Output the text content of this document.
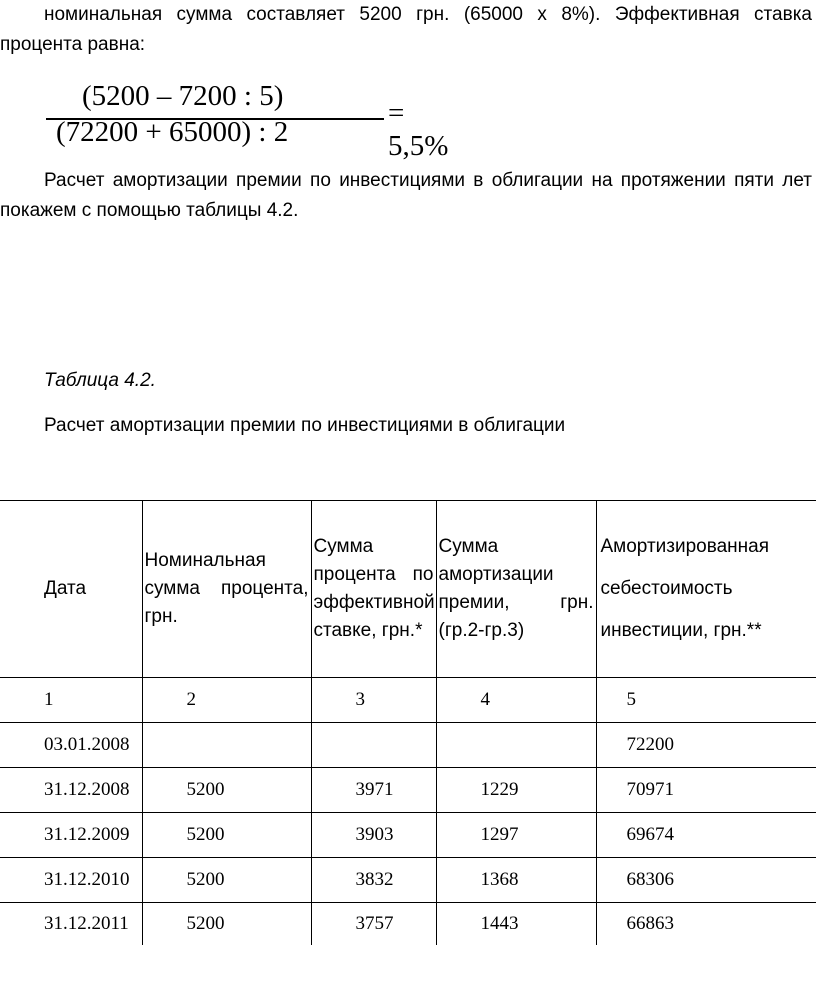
номинальная сумма составляет 5200 грн. (65000 х 8%). Эффективная ставка

процента равна:

(5200 – 7200 : 5)
(72200 + 65000) : 2
= 5,5%

Расчет амортизации премии по инвестициями в облигации на протяжении пяти лет

покажем с помощью таблицы 4.2.

Таблица 4.2.

Расчет амортизации премии по инвестициями в облигации

Дата	Номинальная сумма процента, грн.	Сумма процента по эффективной ставке, грн.*	Сумма амортизации премии, грн. (гр.2-гр.3)	Амортизированная себестоимость инвестиции, грн.**
1	2	3	4	5
03.01.2008				72200
31.12.2008	5200	3971	1229	70971
31.12.2009	5200	3903	1297	69674
31.12.2010	5200	3832	1368	68306
31.12.2011	5200	3757	1443	66863
